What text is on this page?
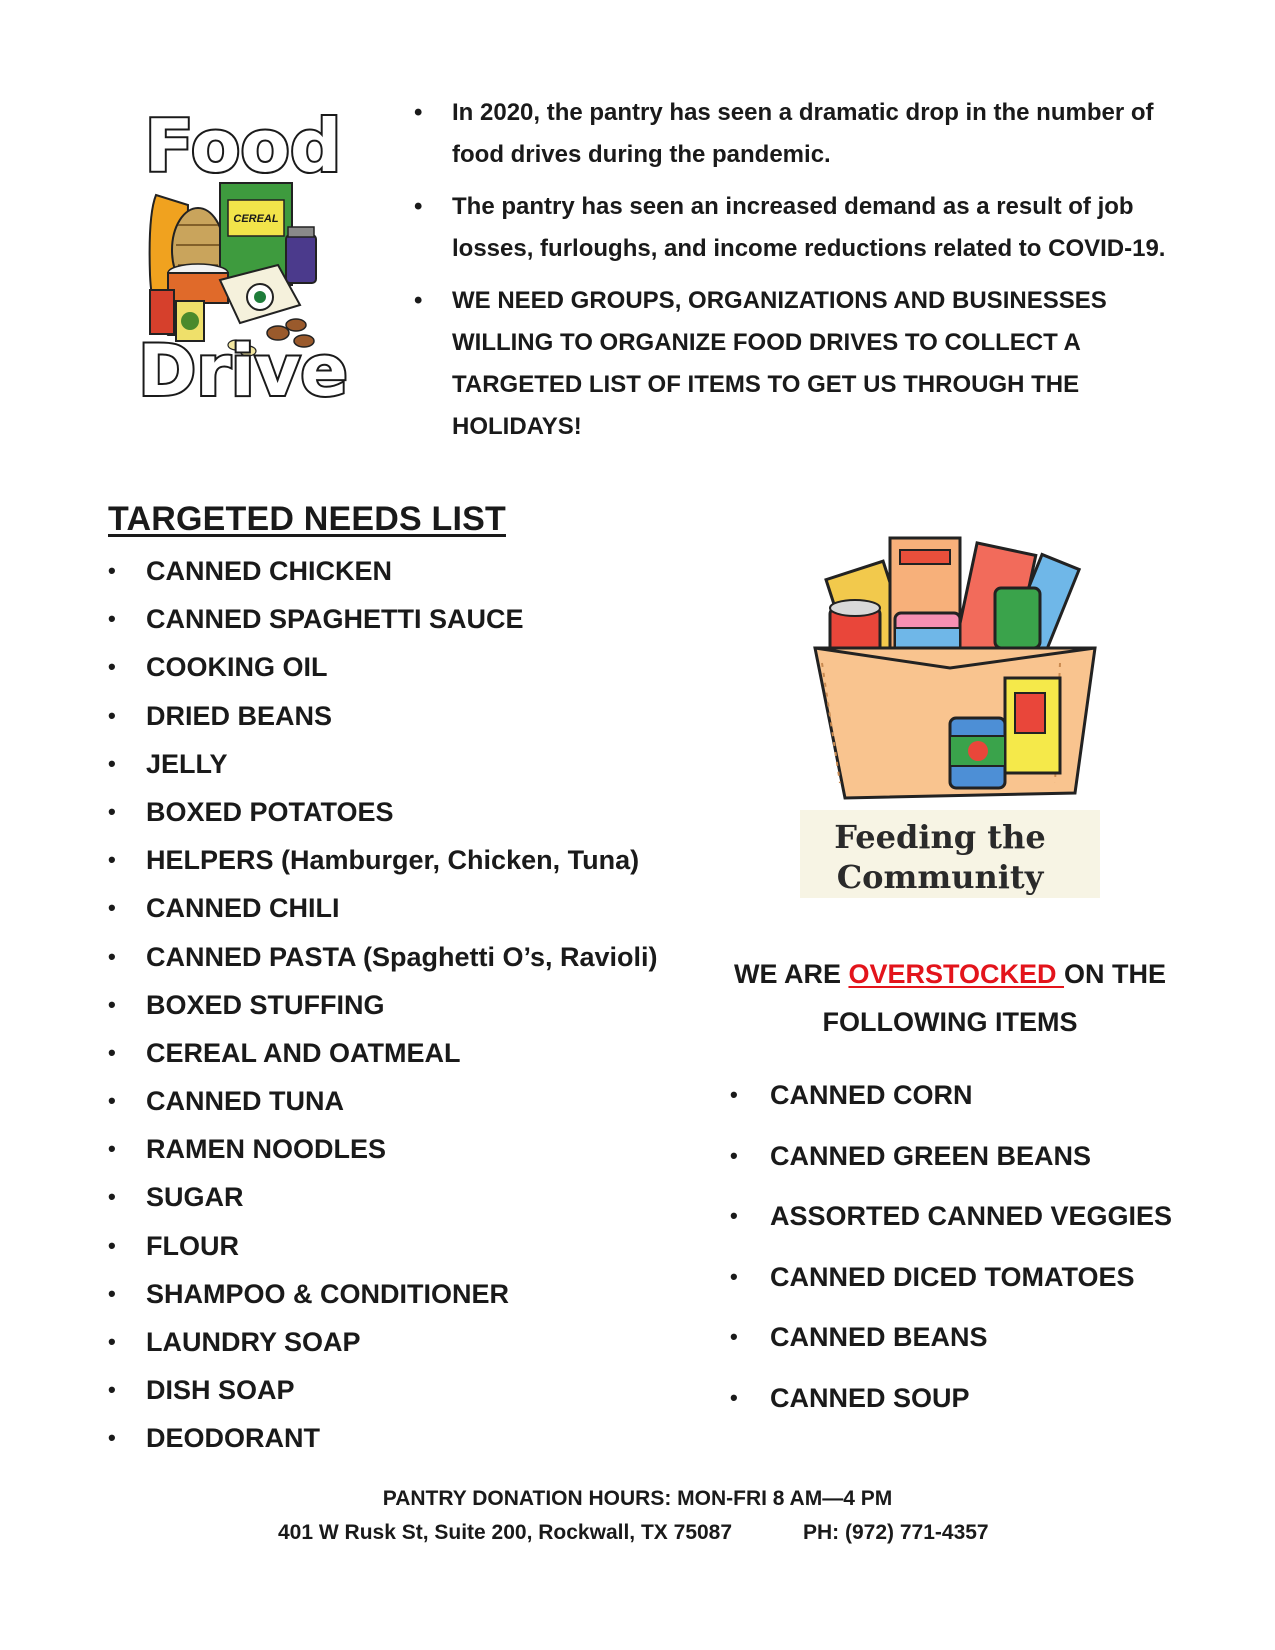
CEREAL
Food
Drive
• In 2020, the pantry has seen a dramatic drop in the number of food drives during the pandemic.
• The pantry has seen an increased demand as a result of job losses, furloughs, and income reductions related to COVID-19.
• WE NEED GROUPS, ORGANIZATIONS AND BUSINESSES WILLING TO ORGANIZE FOOD DRIVES TO COLLECT A TARGETED LIST OF ITEMS TO GET US THROUGH THE HOLIDAYS!
TARGETED NEEDS LIST
• CANNED CHICKEN
• CANNED SPAGHETTI SAUCE
• COOKING OIL
• DRIED BEANS
• JELLY
• BOXED POTATOES
• HELPERS (Hamburger, Chicken, Tuna)
• CANNED CHILI
• CANNED PASTA (Spaghetti O’s, Ravioli)
• BOXED STUFFING
• CEREAL AND OATMEAL
• CANNED TUNA
• RAMEN NOODLES
• SUGAR
• FLOUR
• SHAMPOO & CONDITIONER
• LAUNDRY SOAP
• DISH SOAP
• DEODORANT
Feeding the
Community
WE ARE OVERSTOCKED ON THE
FOLLOWING ITEMS
• CANNED CORN
• CANNED GREEN BEANS
• ASSORTED CANNED VEGGIES
• CANNED DICED TOMATOES
• CANNED BEANS
• CANNED SOUP
PANTRY DONATION HOURS: MON-FRI 8 AM—4 PM
401 W Rusk St, Suite 200, Rockwall, TX 75087	PH: (972) 771-4357
